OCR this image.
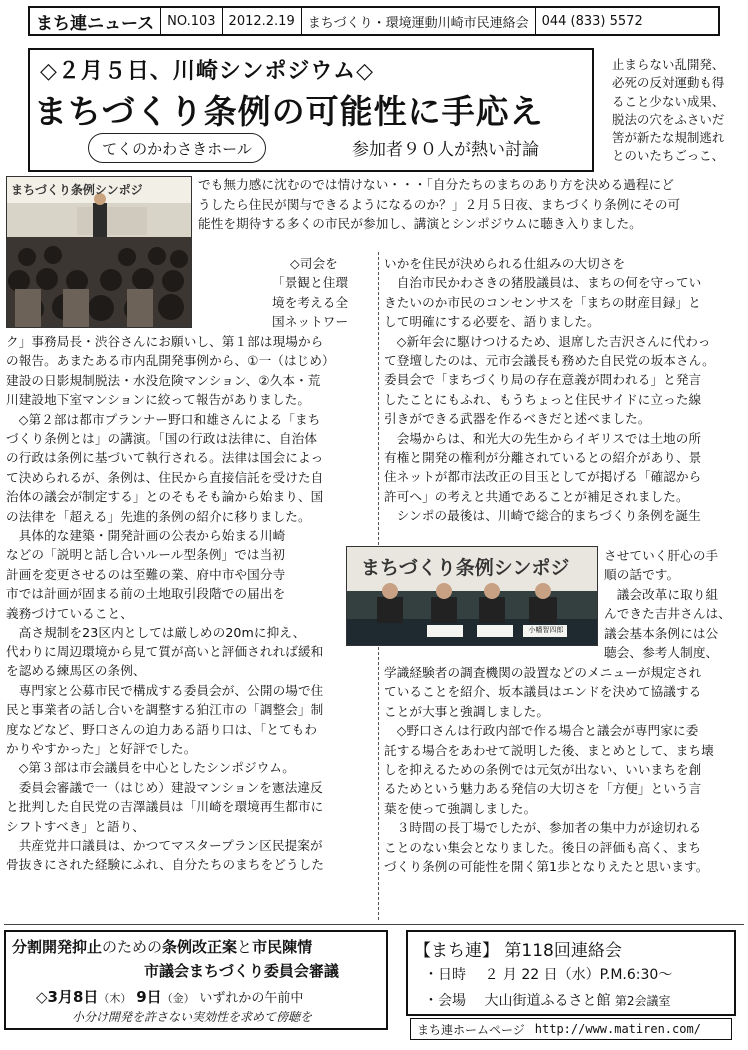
まち連ニュース	NO.103	2012.2.19	まちづくり・環境運動川崎市民連絡会	044 (833) 5572
◇２月５日、川崎シンポジウム◇
まちづくり条例の可能性に手応え
てくのかわさきホール	参加者９０人が熱い討論

止まらない乱開発、

必死の反対運動も得

ること少ない成果、

脱法の穴をふさいだ

筈が新たな規制逃れ

とのいたちごっこ、

まちづくり条例シンポジ	でも無力感に沈むのでは情けない・・・「自分たちのまちのあり方を決める過程にど

うしたら住民が関与できるようになるのか？」２月５日夜、まちづくり条例にその可

能性を期待する多くの市民が参加し、講演とシンポジウムに聴き入りました。

◇司会を

「景観と住環

境を考える全

国ネットワー

ク」事務局長・渋谷さんにお願いし、第１部は現場から

の報告。あまたある市内乱開発事例から、①一（はじめ）

建設の日影規制脱法・水没危険マンション、②久本・荒

川建設地下室マンションに絞って報告がありました。

　◇第２部は都市プランナー野口和雄さんによる「まち

づくり条例とは」の講演。「国の行政は法律に、自治体

の行政は条例に基づいて執行される。法律は国会によっ

て決められるが、条例は、住民から直接信託を受けた自

治体の議会が制定する」とのそもそも論から始まり、国

の法律を「超える」先進的条例の紹介に移りました。

　具体的な建築・開発計画の公表から始まる川崎

などの「説明と話し合いルール型条例」では当初

計画を変更させるのは至難の業、府中市や国分寺

市では計画が固まる前の土地取引段階での届出を

義務づけていること、

　高さ規制を23区内としては厳しめの20mに抑え、

代わりに周辺環境から見て質が高いと評価されれば緩和

を認める練馬区の条例、

　専門家と公募市民で構成する委員会が、公開の場で住

民と事業者の話し合いを調整する狛江市の「調整会」制

度などなど、野口さんの迫力ある語り口は、「とてもわ

かりやすかった」と好評でした。

　◇第３部は市会議員を中心としたシンポジウム。

　委員会審議で一（はじめ）建設マンションを憲法違反

と批判した自民党の吉澤議員は「川崎を環境再生都市に

シフトすべき」と語り、

　共産党井口議員は、かつてマスタープラン区民提案が

骨抜きにされた経験にふれ、自分たちのまちをどうした

いかを住民が決められる仕組みの大切さを

　自治市民かわさきの猪股議員は、まちの何を守ってい

きたいのか市民のコンセンサスを「まちの財産目録」と

して明確にする必要を、語りました。

　◇新年会に駆けつけるため、退席した吉沢さんに代わっ

て登壇したのは、元市会議長も務めた自民党の坂本さん。

委員会で「まちづくり局の存在意義が問われる」と発言

したことにもふれ、もうちょっと住民サイドに立った線

引きができる武器を作るべきだと述べました。

　会場からは、和光大の先生からイギリスでは土地の所

有権と開発の権利が分離されているとの紹介があり、景

住ネットが都市法改正の目玉としてが掲げる「確認から

許可へ」の考えと共通であることが補足されました。

　シンポの最後は、川崎で総合的まちづくり条例を誕生

まちづくり条例シンポジ
小幡智四郎

させていく肝心の手

順の話です。

　議会改革に取り組

んできた吉井さんは、

議会基本条例には公

聴会、参考人制度、

学識経験者の調査機関の設置などのメニューが規定され

ていることを紹介、坂本議員はエンドを決めて協議する

ことが大事と強調しました。

　◇野口さんは行政内部で作る場合と議会が専門家に委

託する場合をあわせて説明した後、まとめとして、まち壊

しを抑えるための条例では元気が出ない、いいまちを創

るためという魅力ある発信の大切さを「方便」という言

葉を使って強調しました。

　３時間の長丁場でしたが、参加者の集中力が途切れる

ことのない集会となりました。後日の評価も高く、まち

づくり条例の可能性を開く第1歩となりえたと思います。

分割開発抑止のための条例改正案と市民陳情
市議会まちづくり委員会審議
◇3月8日（木） 9日（金） いずれかの午前中
小分け開発を許さない実効性を求めて傍聴を
【まち連】 第118回連絡会
・日時 ２ 月 22 日（水）P.M.6:30〜
・会場 大山街道ふるさと館 第2会議室
まち連ホームページ http://www.matiren.com/
